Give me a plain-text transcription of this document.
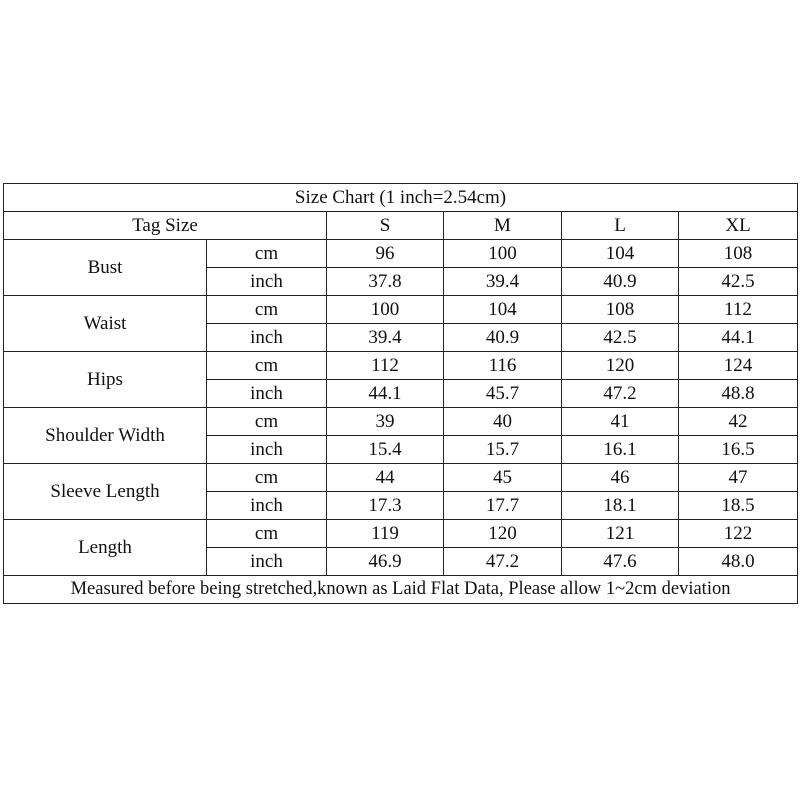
Size Chart (1 inch=2.54cm)					
Tag Size		S	M	L	XL
Bust	cm	96	100	104	108
	inch	37.8	39.4	40.9	42.5
Waist	cm	100	104	108	112
	inch	39.4	40.9	42.5	44.1
Hips	cm	112	116	120	124
	inch	44.1	45.7	47.2	48.8
Shoulder Width	cm	39	40	41	42
	inch	15.4	15.7	16.1	16.5
Sleeve Length	cm	44	45	46	47
	inch	17.3	17.7	18.1	18.5
Length	cm	119	120	121	122
	inch	46.9	47.2	47.6	48.0
Measured before being stretched,known as Laid Flat Data, Please allow 1~2cm deviation					
